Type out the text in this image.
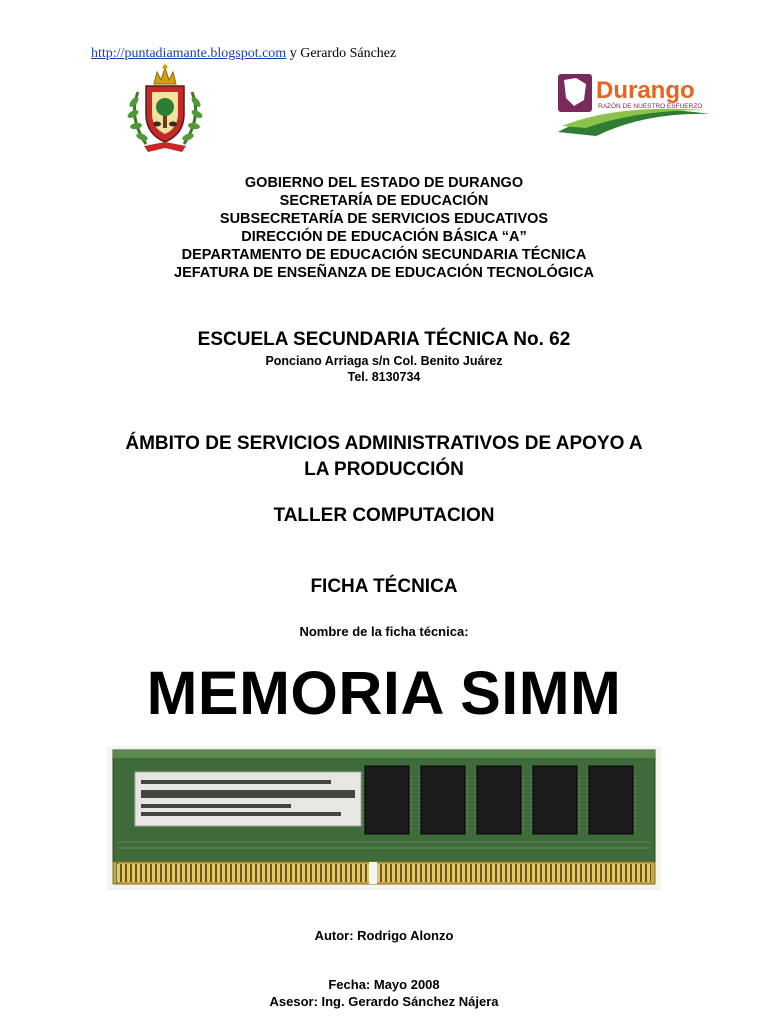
http://puntadiamante.blogspot.com y Gerardo Sánchez
Durango
RAZÓN DE NUESTRO ESFUERZO
GOBIERNO DEL ESTADO DE DURANGO
SECRETARÍA DE EDUCACIÓN
SUBSECRETARÍA DE SERVICIOS EDUCATIVOS
DIRECCIÓN DE EDUCACIÓN BÁSICA “A”
DEPARTAMENTO DE EDUCACIÓN SECUNDARIA TÉCNICA
JEFATURA DE ENSEÑANZA DE EDUCACIÓN TECNOLÓGICA
ESCUELA SECUNDARIA TÉCNICA No. 62
Ponciano Arriaga s/n Col. Benito Juárez
Tel. 8130734
ÁMBITO DE SERVICIOS ADMINISTRATIVOS DE APOYO A
LA PRODUCCIÓN
TALLER COMPUTACION
FICHA TÉCNICA
Nombre de la ficha técnica:
MEMORIA SIMM
Autor: Rodrigo Alonzo
Fecha: Mayo 2008
Asesor: Ing. Gerardo Sánchez Nájera
